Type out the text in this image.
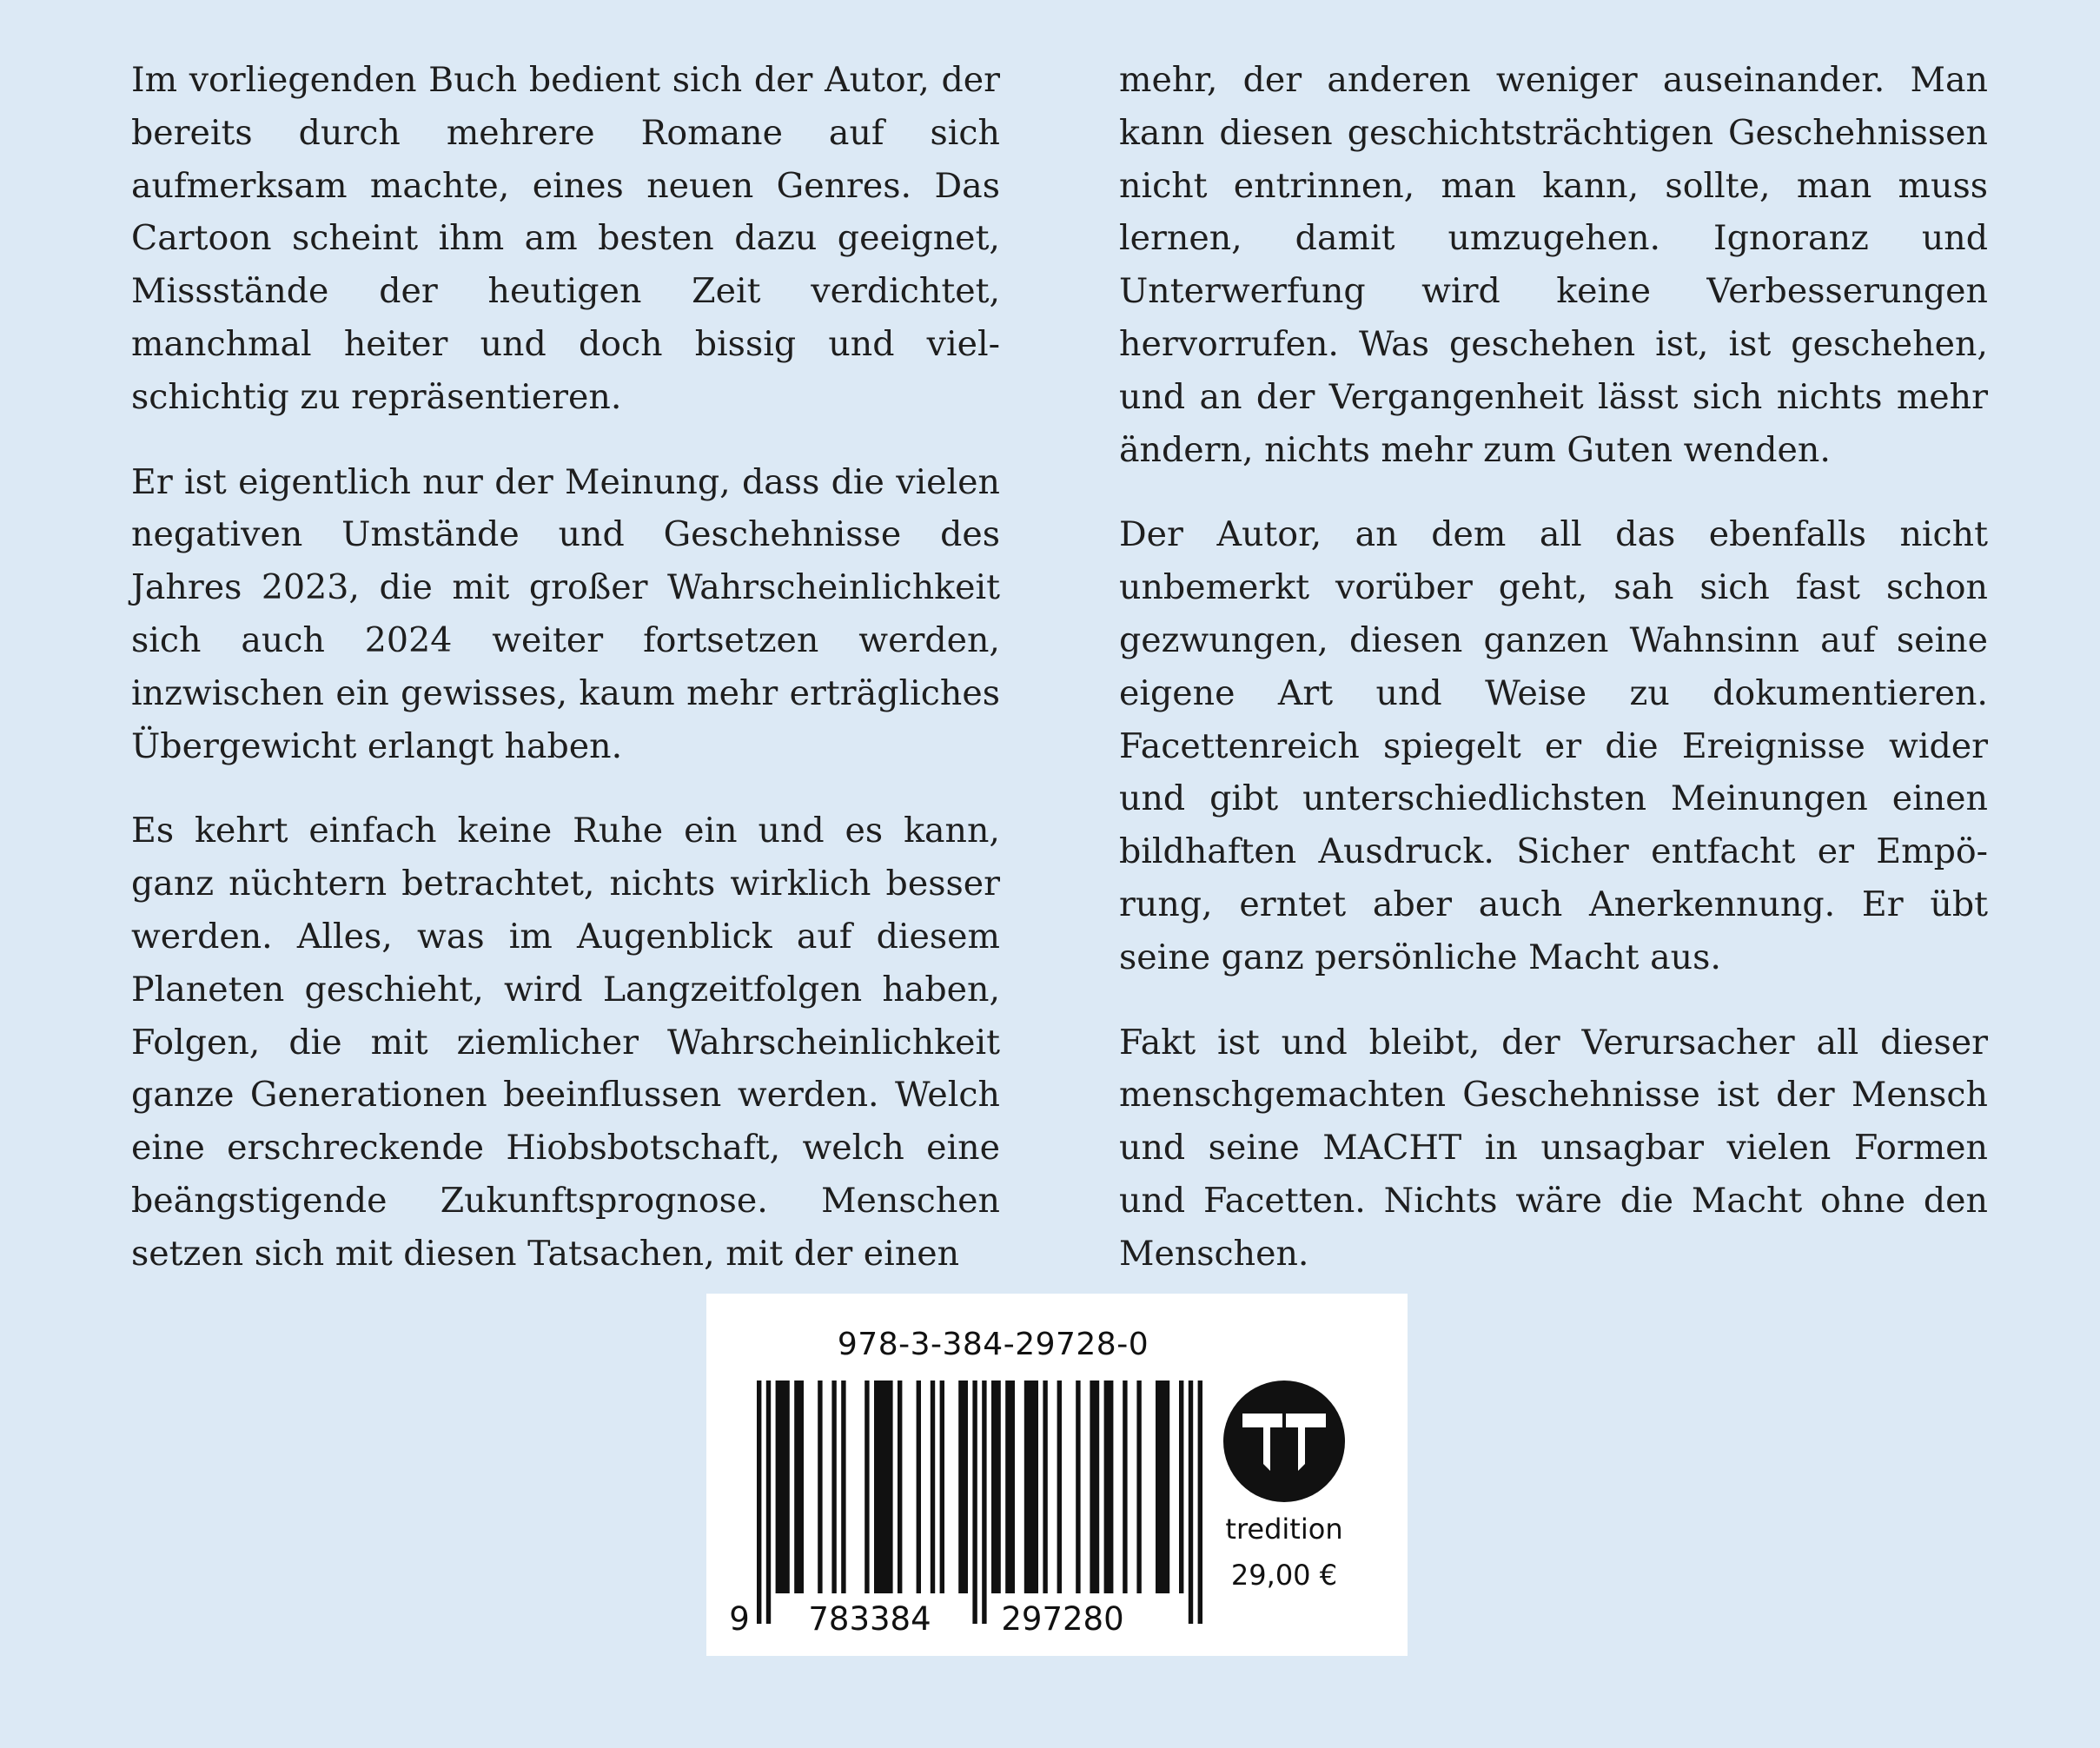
Im vorliegenden Buch bedient sich der Autor, der bereits durch mehrere Romane auf sich aufmerksam machte, eines neuen Genres. Das Cartoon scheint ihm am besten dazu geeignet, Missstände der heutigen Zeit verdichtet, manchmal heiter und doch bissig und vielschichtig zu repräsentieren.

Er ist eigentlich nur der Meinung, dass die vielen negativen Umstände und Geschehnisse des Jahres 2023, die mit großer Wahrscheinlichkeit sich auch 2024 weiter fortsetzen werden, inzwischen ein gewisses, kaum mehr erträgliches Übergewicht erlangt haben.

Es kehrt einfach keine Ruhe ein und es kann, ganz nüchtern betrachtet, nichts wirklich besser werden. Alles, was im Augenblick auf diesem Planeten geschieht, wird Langzeitfolgen haben, Folgen, die mit ziemlicher Wahrscheinlichkeit ganze Generationen beeinflussen werden. Welch eine erschreckende Hiobsbotschaft, welch eine beängstigende Zukunftsprognose. Menschen setzen sich mit diesen Tatsachen, mit der einen

mehr, der anderen weniger auseinander. Man kann diesen geschichtsträchtigen Geschehnissen nicht entrinnen, man kann, sollte, man muss lernen, damit umzugehen. Ignoranz und Unterwerfung wird keine Verbesserungen hervorrufen. Was geschehen ist, ist geschehen, und an der Vergangenheit lässt sich nichts mehr ändern, nichts mehr zum Guten wenden.

Der Autor, an dem all das ebenfalls nicht unbemerkt vorüber geht, sah sich fast schon gezwungen, diesen ganzen Wahnsinn auf seine eigene Art und Weise zu dokumentieren. Facettenreich spiegelt er die Ereignisse wider und gibt unterschiedlichsten Meinungen einen bildhaften Ausdruck. Sicher entfacht er Empörung, erntet aber auch Anerkennung. Er übt seine ganz persönliche Macht aus.

Fakt ist und bleibt, der Verursacher all dieser menschgemachten Geschehnisse ist der Mensch und seine MACHT in unsagbar vielen Formen und Facetten. Nichts wäre die Macht ohne den Menschen.

978-3-384-29728-0
9 783384 297280
tredition
29,00 €
